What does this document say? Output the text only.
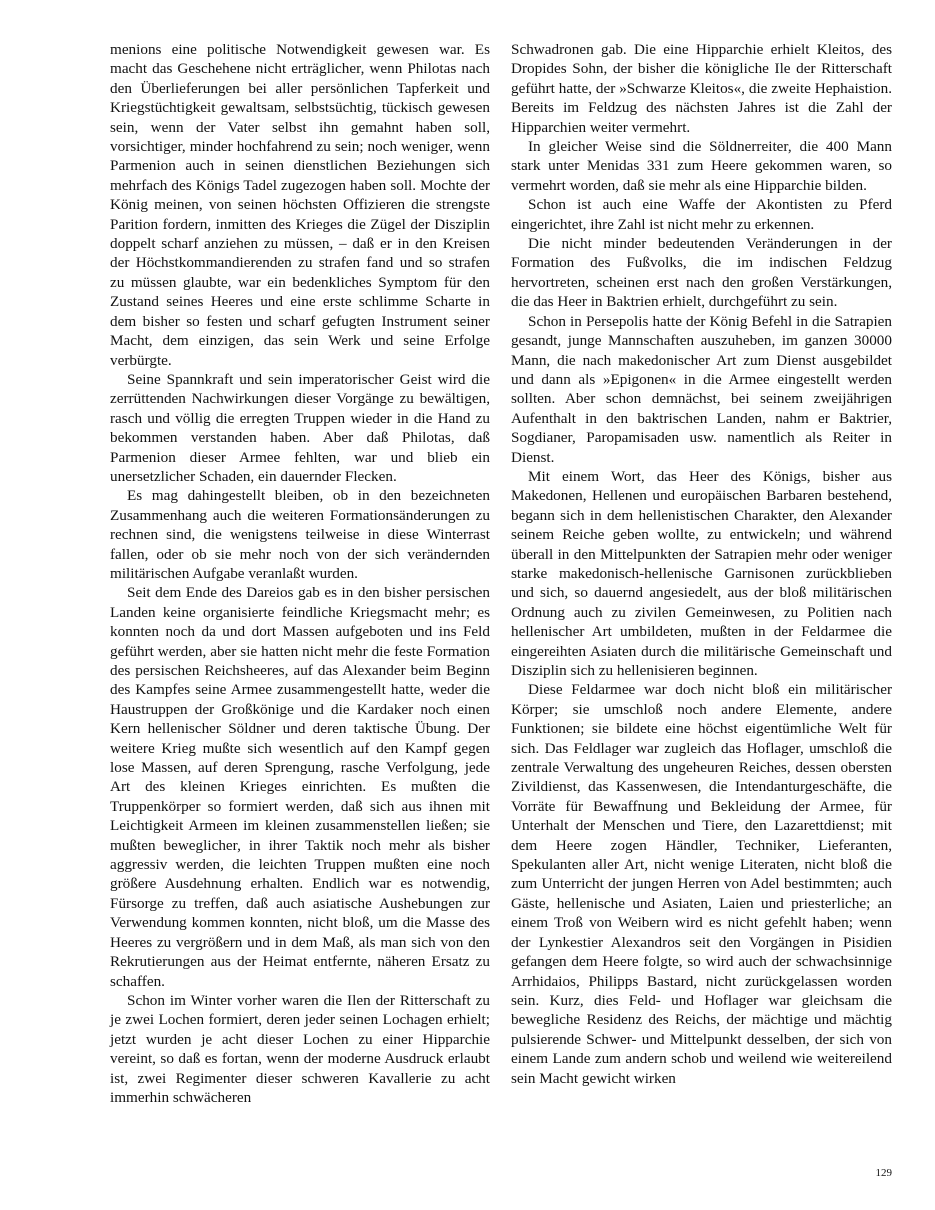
menions eine politische Notwendigkeit gewesen war. Es macht das Geschehene nicht erträglicher, wenn Philotas nach den Überlieferungen bei aller persönlichen Tapferkeit und Kriegstüchtigkeit gewaltsam, selbstsüchtig, tückisch gewesen sein, wenn der Vater selbst ihn gemahnt haben soll, vorsichtiger, minder hochfahrend zu sein; noch weniger, wenn Parmenion auch in seinen dienstlichen Beziehungen sich mehrfach des Königs Tadel zugezogen haben soll. Mochte der König meinen, von seinen höchsten Offizieren die strengste Parition fordern, inmitten des Krieges die Zügel der Disziplin doppelt scharf anziehen zu müssen, – daß er in den Kreisen der Höchstkommandierenden zu strafen fand und so strafen zu müssen glaubte, war ein bedenkliches Symptom für den Zustand seines Heeres und eine erste schlimme Scharte in dem bisher so festen und scharf gefugten Instrument seiner Macht, dem einzigen, das sein Werk und seine Erfolge verbürgte.

Seine Spannkraft und sein imperatorischer Geist wird die zerrüttenden Nachwirkungen dieser Vorgänge zu bewältigen, rasch und völlig die erregten Truppen wieder in die Hand zu bekommen verstanden haben. Aber daß Philotas, daß Parmenion dieser Armee fehlten, war und blieb ein unersetzlicher Schaden, ein dauernder Flecken.

Es mag dahingestellt bleiben, ob in den bezeichneten Zusammenhang auch die weiteren Formationsänderungen zu rechnen sind, die wenigstens teilweise in diese Winterrast fallen, oder ob sie mehr noch von der sich verändernden militärischen Aufgabe veranlaßt wurden.

Seit dem Ende des Dareios gab es in den bisher persischen Landen keine organisierte feindliche Kriegsmacht mehr; es konnten noch da und dort Massen aufgeboten und ins Feld geführt werden, aber sie hatten nicht mehr die feste Formation des persischen Reichsheeres, auf das Alexander beim Beginn des Kampfes seine Armee zusammengestellt hatte, weder die Haustruppen der Großkönige und die Kardaker noch einen Kern hellenischer Söldner und deren taktische Übung. Der weitere Krieg mußte sich wesentlich auf den Kampf gegen lose Massen, auf deren Sprengung, rasche Verfolgung, jede Art des kleinen Krieges einrichten. Es mußten die Truppenkörper so formiert werden, daß sich aus ihnen mit Leichtigkeit Armeen im kleinen zusammenstellen ließen; sie mußten beweglicher, in ihrer Taktik noch mehr als bisher aggressiv werden, die leichten Truppen mußten eine noch größere Ausdehnung erhalten. Endlich war es notwendig, Fürsorge zu treffen, daß auch asiatische Aushebungen zur Verwendung kommen konnten, nicht bloß, um die Masse des Heeres zu vergrößern und in dem Maß, als man sich von den Rekrutierungen aus der Heimat entfernte, näheren Ersatz zu schaffen.

Schon im Winter vorher waren die Ilen der Ritterschaft zu je zwei Lochen formiert, deren jeder seinen Lochagen erhielt; jetzt wurden je acht dieser Lochen zu einer Hipparchie vereint, so daß es fortan, wenn der moderne Ausdruck erlaubt ist, zwei Regimenter dieser schweren Kavallerie zu acht immerhin schwächeren

Schwadronen gab. Die eine Hipparchie erhielt Kleitos, des Dropides Sohn, der bisher die königliche Ile der Ritterschaft geführt hatte, der »Schwarze Kleitos«, die zweite Hephaistion. Bereits im Feldzug des nächsten Jahres ist die Zahl der Hipparchien weiter vermehrt.

In gleicher Weise sind die Söldnerreiter, die 400 Mann stark unter Menidas 331 zum Heere gekommen waren, so vermehrt worden, daß sie mehr als eine Hipparchie bilden.

Schon ist auch eine Waffe der Akontisten zu Pferd eingerichtet, ihre Zahl ist nicht mehr zu erkennen.

Die nicht minder bedeutenden Veränderungen in der Formation des Fußvolks, die im indischen Feldzug hervortreten, scheinen erst nach den großen Verstärkungen, die das Heer in Baktrien erhielt, durchgeführt zu sein.

Schon in Persepolis hatte der König Befehl in die Satrapien gesandt, junge Mannschaften auszuheben, im ganzen 30000 Mann, die nach makedonischer Art zum Dienst ausgebildet und dann als »Epigonen« in die Armee eingestellt werden sollten. Aber schon demnächst, bei seinem zweijährigen Aufenthalt in den baktrischen Landen, nahm er Baktrier, Sogdianer, Paropamisaden usw. namentlich als Reiter in Dienst.

Mit einem Wort, das Heer des Königs, bisher aus Makedonen, Hellenen und europäischen Barbaren bestehend, begann sich in dem hellenistischen Charakter, den Alexander seinem Reiche geben wollte, zu entwickeln; und während überall in den Mittelpunkten der Satrapien mehr oder weniger starke makedonisch-hellenische Garnisonen zurückblieben und sich, so dauernd angesiedelt, aus der bloß militärischen Ordnung auch zu zivilen Gemeinwesen, zu Politien nach hellenischer Art umbildeten, mußten in der Feldarmee die eingereihten Asiaten durch die militärische Gemeinschaft und Disziplin sich zu hellenisieren beginnen.

Diese Feldarmee war doch nicht bloß ein militärischer Körper; sie umschloß noch andere Elemente, andere Funktionen; sie bildete eine höchst eigentümliche Welt für sich. Das Feldlager war zugleich das Hoflager, umschloß die zentrale Verwaltung des ungeheuren Reiches, dessen obersten Zivildienst, das Kassenwesen, die Intendanturgeschäfte, die Vorräte für Bewaffnung und Bekleidung der Armee, für Unterhalt der Menschen und Tiere, den Lazarettdienst; mit dem Heere zogen Händler, Techniker, Lieferanten, Spekulanten aller Art, nicht wenige Literaten, nicht bloß die zum Unterricht der jungen Herren von Adel bestimmten; auch Gäste, hellenische und Asiaten, Laien und priesterliche; an einem Troß von Weibern wird es nicht gefehlt haben; wenn der Lynkestier Alexandros seit den Vorgängen in Pisidien gefangen dem Heere folgte, so wird auch der schwachsinnige Arrhidaios, Philipps Bastard, nicht zurückgelassen worden sein. Kurz, dies Feld- und Hoflager war gleichsam die bewegliche Residenz des Reichs, der mächtige und mächtig pulsierende Schwer- und Mittelpunkt desselben, der sich von einem Lande zum andern schob und weilend wie weitereilend sein Macht gewicht wirken

129
